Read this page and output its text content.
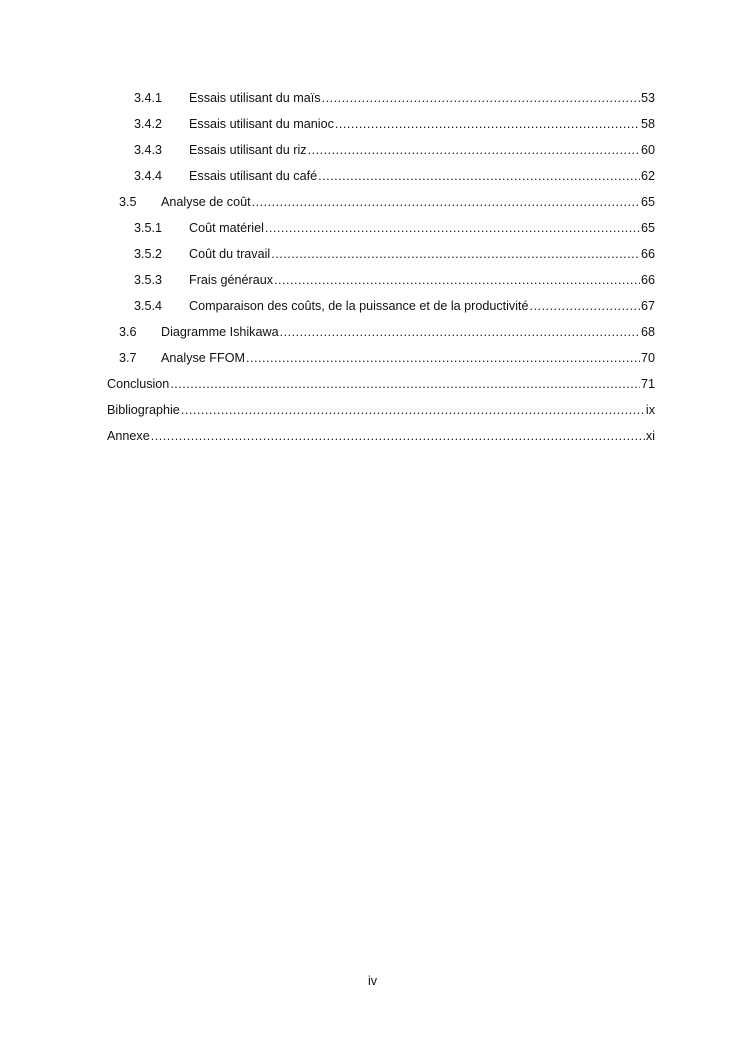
3.4.1	Essais utilisant du maïs .....	53
3.4.2	Essais utilisant du manioc .....	58
3.4.3	Essais utilisant du riz .....	60
3.4.4	Essais utilisant du café .....	62
3.5	Analyse de coût .....	65
3.5.1	Coût matériel .....	65
3.5.2	Coût du travail .....	66
3.5.3	Frais généraux .....	66
3.5.4	Comparaison des coûts, de la puissance et de la productivité .....	67
3.6	Diagramme Ishikawa .....	68
3.7	Analyse FFOM .....	70
Conclusion .....	71
Bibliographie .....	ix
Annexe .....	xi
iv
